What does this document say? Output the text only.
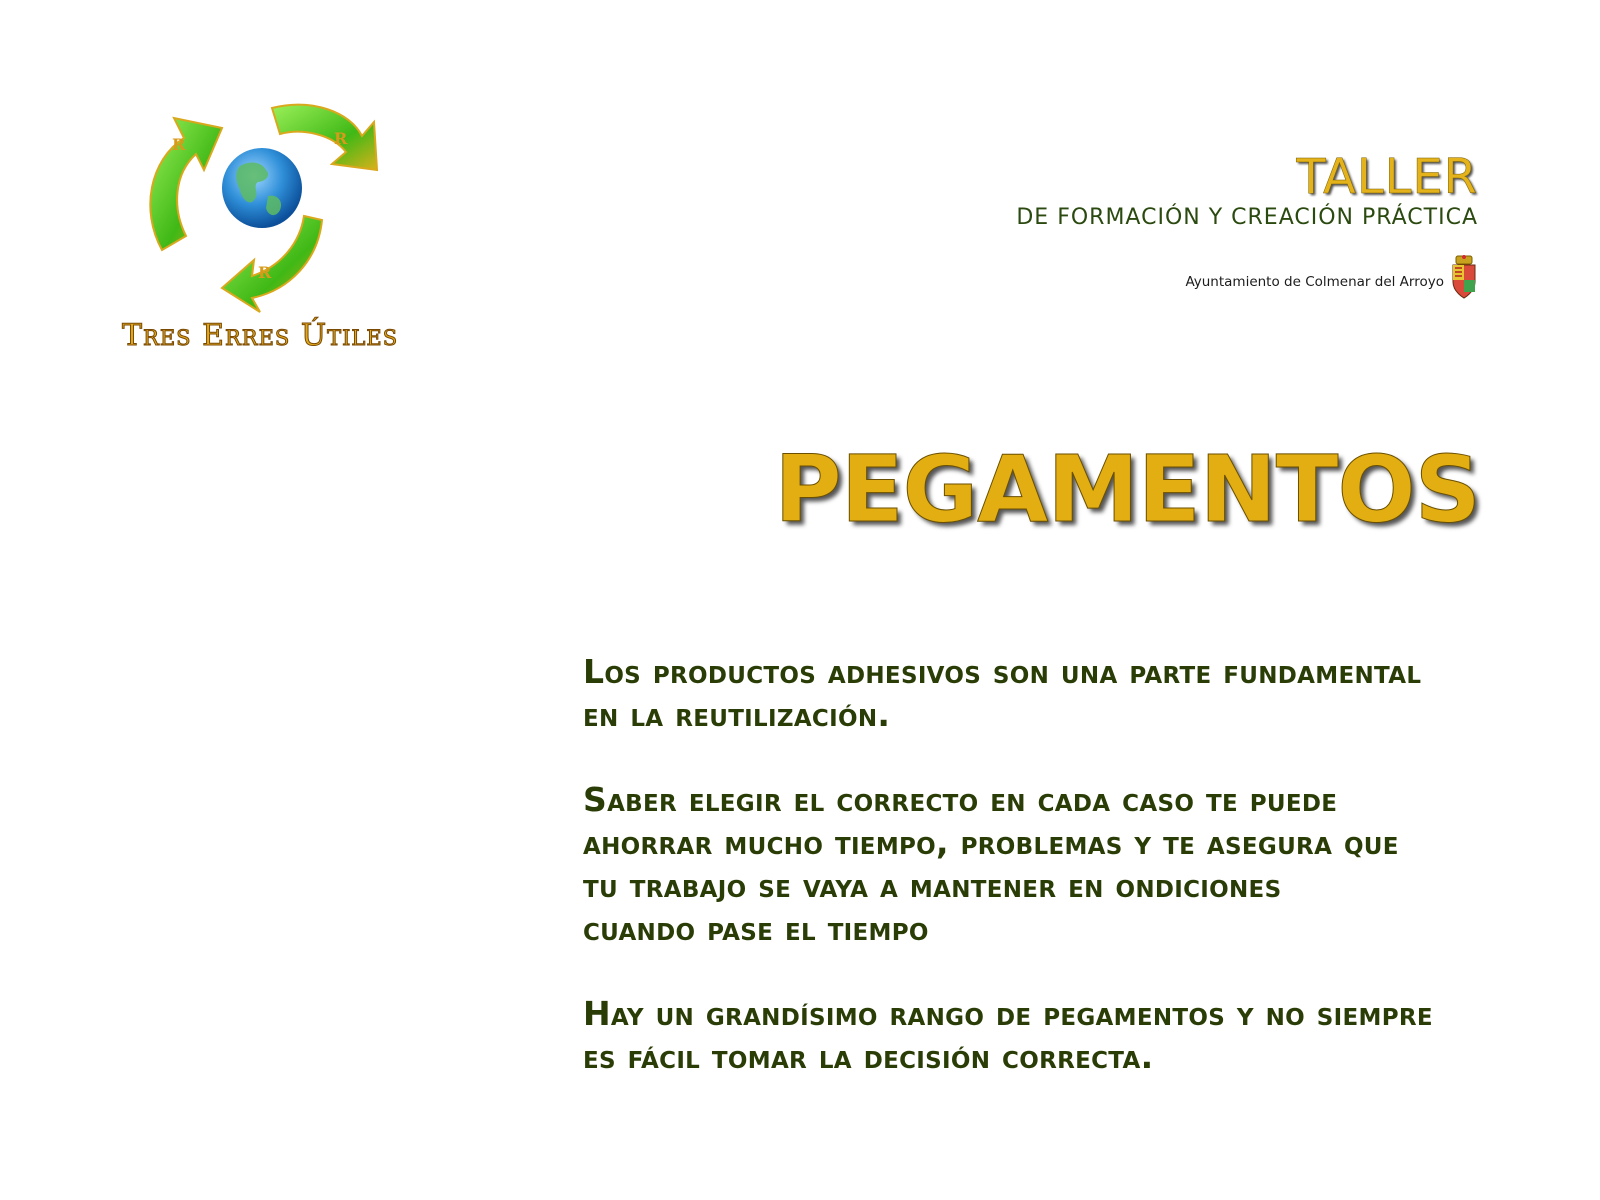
R	R
R
Tres Erres Útiles
TALLER
DE FORMACIÓN Y CREACIÓN PRÁCTICA
Ayuntamiento de Colmenar del Arroyo
PEGAMENTOS

Los productos adhesivos son una parte fundamental
en la reutilización.

Saber elegir el correcto en cada caso te puede
ahorrar mucho tiempo, problemas y te asegura que
tu trabajo se vaya a mantener en ondiciones
cuando pase el tiempo

Hay un grandísimo rango de pegamentos y no siempre
es fácil tomar la decisión correcta.
